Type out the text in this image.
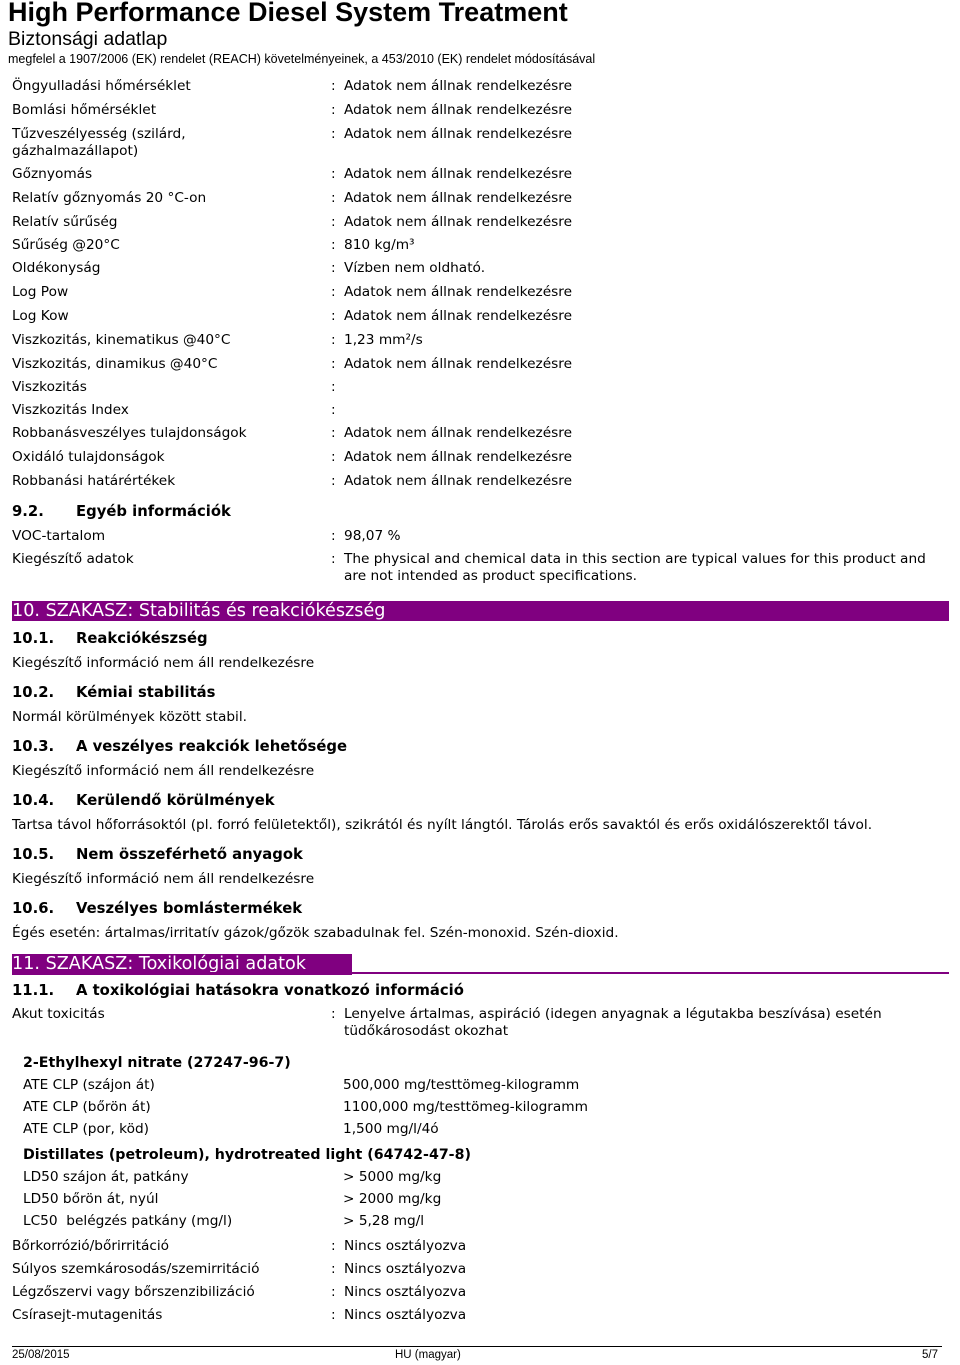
High Performance Diesel System Treatment
Biztonsági adatlap
megfelel a 1907/2006 (EK) rendelet (REACH) követelményeinek, a 453/2010 (EK) rendelet módosításával
Öngyulladási hőmérséklet	: Adatok nem állnak rendelkezésre
Bomlási hőmérséklet	: Adatok nem állnak rendelkezésre
Tűzveszélyesség (szilárd, gázhalmazállapot)
: Adatok nem állnak rendelkezésre
Gőznyomás	: Adatok nem állnak rendelkezésre
Relatív gőznyomás 20 °C-on	: Adatok nem állnak rendelkezésre
Relatív sűrűség	: Adatok nem állnak rendelkezésre
Sűrűség @20°C	: 810 kg/m³
Oldékonyság	: Vízben nem oldható.
Log Pow	: Adatok nem állnak rendelkezésre
Log Kow	: Adatok nem állnak rendelkezésre
Viszkozitás, kinematikus @40°C	: 1,23 mm²/s
Viszkozitás, dinamikus @40°C	: Adatok nem állnak rendelkezésre
Viszkozitás	:
Viszkozitás Index	:
Robbanásveszélyes tulajdonságok	: Adatok nem állnak rendelkezésre
Oxidáló tulajdonságok	: Adatok nem állnak rendelkezésre
Robbanási határértékek	: Adatok nem állnak rendelkezésre
9.2. Egyéb információk
VOC-tartalom	: 98,07 %
Kiegészítő adatok	: The physical and chemical data in this section are typical values for this product and are not intended as product specifications.
10. SZAKASZ: Stabilitás és reakciókészség
10.1. Reakciókészség
Kiegészítő információ nem áll rendelkezésre
10.2. Kémiai stabilitás
Normál körülmények között stabil.
10.3. A veszélyes reakciók lehetősége
Kiegészítő információ nem áll rendelkezésre
10.4. Kerülendő körülmények
Tartsa távol hőforrásoktól (pl. forró felületektől), szikrától és nyílt lángtól. Tárolás erős savaktól és erős oxidálószerektől távol.
10.5. Nem összeférhető anyagok
Kiegészítő információ nem áll rendelkezésre
10.6. Veszélyes bomlástermékek
Égés esetén: ártalmas/irritatív gázok/gőzök szabadulnak fel. Szén-monoxid. Szén-dioxid.
11. SZAKASZ: Toxikológiai adatok
11.1. A toxikológiai hatásokra vonatkozó információ
Akut toxicitás	: Lenyelve ártalmas, aspiráció (idegen anyagnak a légutakba beszívása) esetén tüdőkárosodást okozhat
2-Ethylhexyl nitrate (27247-96-7)
ATE CLP (szájon át)	500,000 mg/testtömeg-kilogramm
ATE CLP (bőrön át)	1100,000 mg/testtömeg-kilogramm
ATE CLP (por, köd)	1,500 mg/l/4ó
Distillates (petroleum), hydrotreated light (64742-47-8)
LD50 szájon át, patkány	> 5000 mg/kg
LD50 bőrön át, nyúl	> 2000 mg/kg
LC50  belégzés patkány (mg/l)	> 5,28 mg/l
Bőrkorrózió/bőrirritáció	: Nincs osztályozva
Súlyos szemkárosodás/szemirritáció	: Nincs osztályozva
Légzőszervi vagy bőrszenzibilizáció	: Nincs osztályozva
Csírasejt-mutagenitás	: Nincs osztályozva
25/08/2015	HU (magyar)	5/7
